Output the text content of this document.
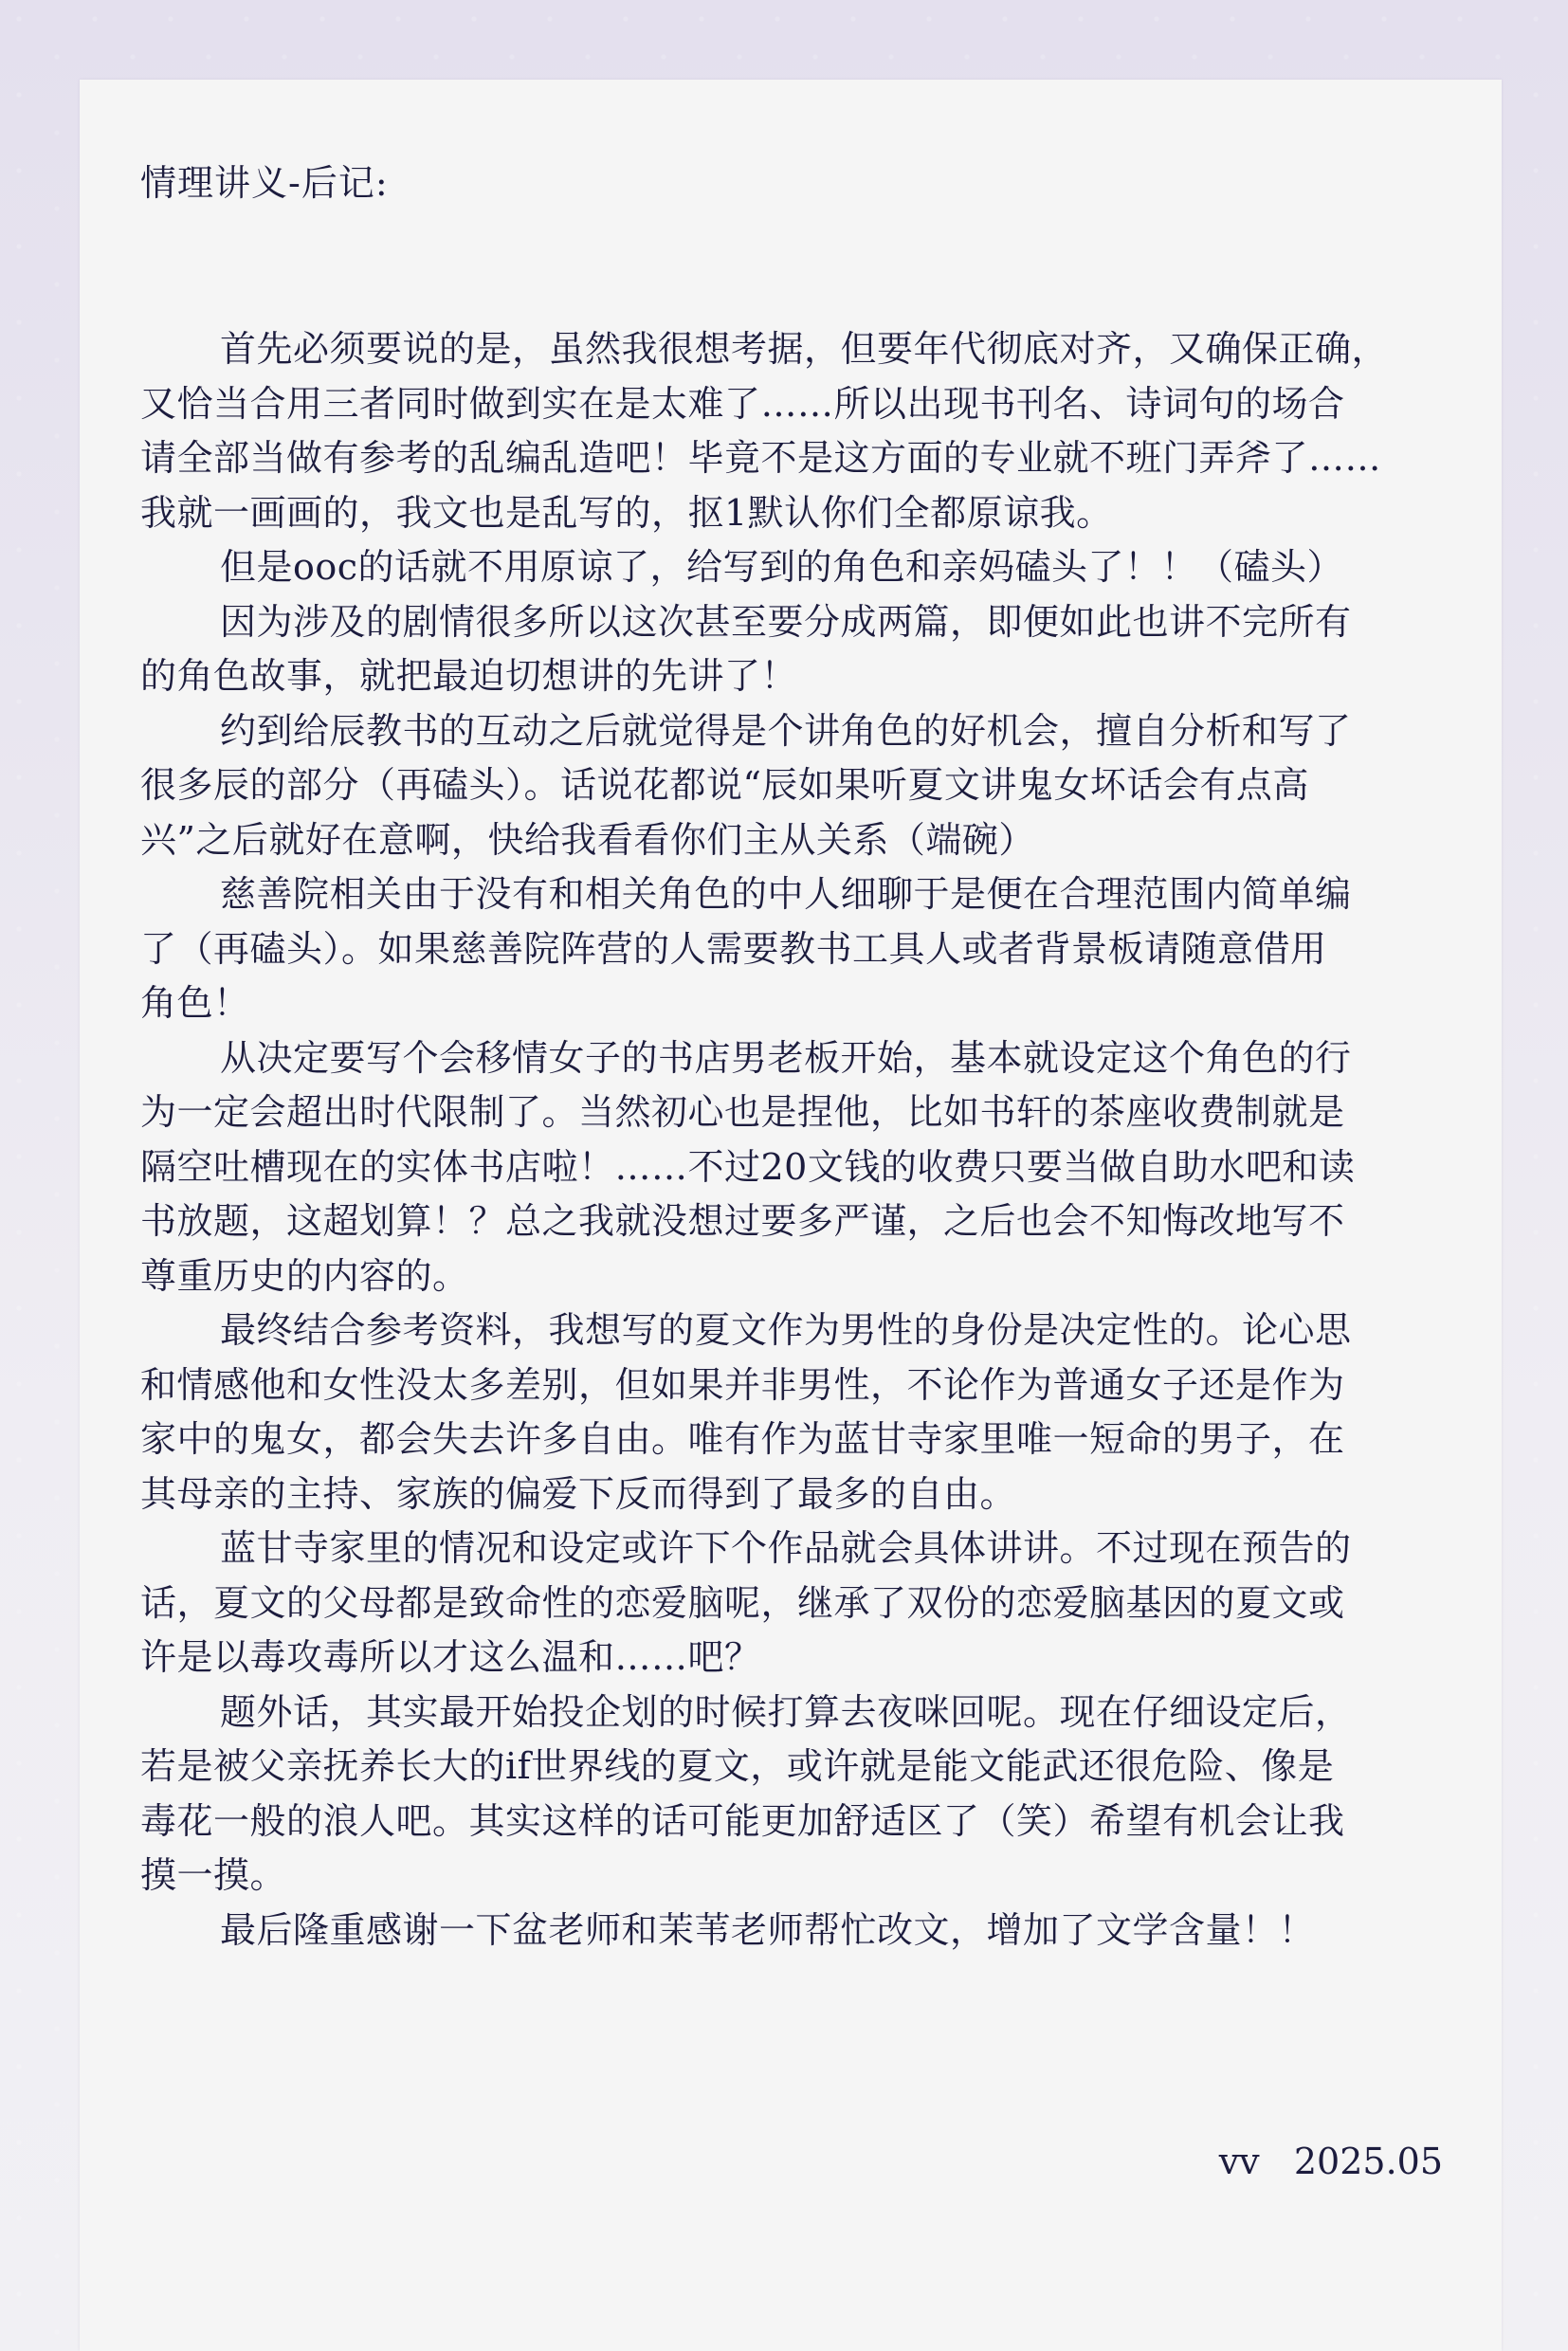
情理讲义-后记:
首先必须要说的是，虽然我很想考据，但要年代彻底对齐，又确保正确，
又恰当合用三者同时做到实在是太难了……所以出现书刊名、诗词句的场合
请全部当做有参考的乱编乱造吧！毕竟不是这方面的专业就不班门弄斧了……
我就一画画的，我文也是乱写的，抠1默认你们全都原谅我。
但是ooc的话就不用原谅了，给写到的角色和亲妈磕头了！！（磕头）
因为涉及的剧情很多所以这次甚至要分成两篇，即便如此也讲不完所有
的角色故事，就把最迫切想讲的先讲了！
约到给辰教书的互动之后就觉得是个讲角色的好机会，擅自分析和写了
很多辰的部分（再磕头）。话说花都说“辰如果听夏文讲鬼女坏话会有点高
兴”之后就好在意啊，快给我看看你们主从关系（端碗）
慈善院相关由于没有和相关角色的中人细聊于是便在合理范围内简单编
了（再磕头）。如果慈善院阵营的人需要教书工具人或者背景板请随意借用
角色！
从决定要写个会移情女子的书店男老板开始，基本就设定这个角色的行
为一定会超出时代限制了。当然初心也是捏他，比如书轩的茶座收费制就是
隔空吐槽现在的实体书店啦！……不过20文钱的收费只要当做自助水吧和读
书放题，这超划算！？总之我就没想过要多严谨，之后也会不知悔改地写不
尊重历史的内容的。
最终结合参考资料，我想写的夏文作为男性的身份是决定性的。论心思
和情感他和女性没太多差别，但如果并非男性，不论作为普通女子还是作为
家中的鬼女，都会失去许多自由。唯有作为蓝甘寺家里唯一短命的男子，在
其母亲的主持、家族的偏爱下反而得到了最多的自由。
蓝甘寺家里的情况和设定或许下个作品就会具体讲讲。不过现在预告的
话，夏文的父母都是致命性的恋爱脑呢，继承了双份的恋爱脑基因的夏文或
许是以毒攻毒所以才这么温和……吧？
题外话，其实最开始投企划的时候打算去夜咪回呢。现在仔细设定后，
若是被父亲抚养长大的if世界线的夏文，或许就是能文能武还很危险、像是
毒花一般的浪人吧。其实这样的话可能更加舒适区了（笑）希望有机会让我
摸一摸。
最后隆重感谢一下盆老师和茉苇老师帮忙改文，增加了文学含量！！
vv   2025.05
